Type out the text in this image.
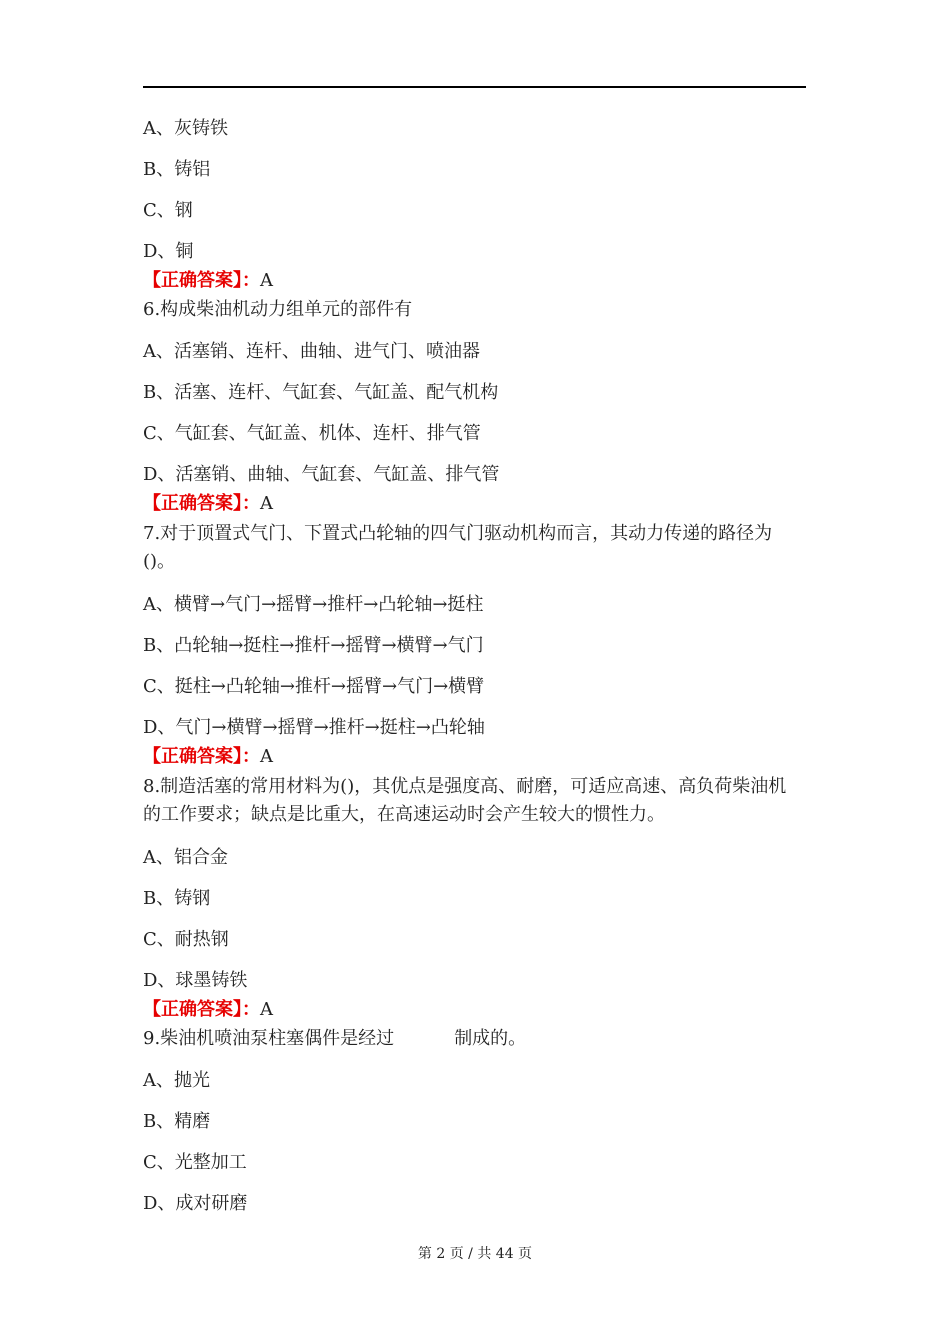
A、灰铸铁
B、铸铝
C、钢
D、铜
【正确答案】：A
6.构成柴油机动力组单元的部件有
A、活塞销、连杆、曲轴、进气门、喷油器
B、活塞、连杆、气缸套、气缸盖、配气机构
C、气缸套、气缸盖、机体、连杆、排气管
D、活塞销、曲轴、气缸套、气缸盖、排气管
【正确答案】：A
7.对于顶置式气门、下置式凸轮轴的四气门驱动机构而言，其动力传递的路径为()。
A、横臂→气门→摇臂→推杆→凸轮轴→挺柱
B、凸轮轴→挺柱→推杆→摇臂→横臂→气门
C、挺柱→凸轮轴→推杆→摇臂→气门→横臂
D、气门→横臂→摇臂→推杆→挺柱→凸轮轴
【正确答案】：A
8.制造活塞的常用材料为()，其优点是强度高、耐磨，可适应高速、高负荷柴油机的工作要求；缺点是比重大，在高速运动时会产生较大的惯性力。
A、铝合金
B、铸钢
C、耐热钢
D、球墨铸铁
【正确答案】：A
9.柴油机喷油泵柱塞偶件是经过	制成的。
A、抛光
B、精磨
C、光整加工
D、成对研磨
第 2 页 / 共 44 页
